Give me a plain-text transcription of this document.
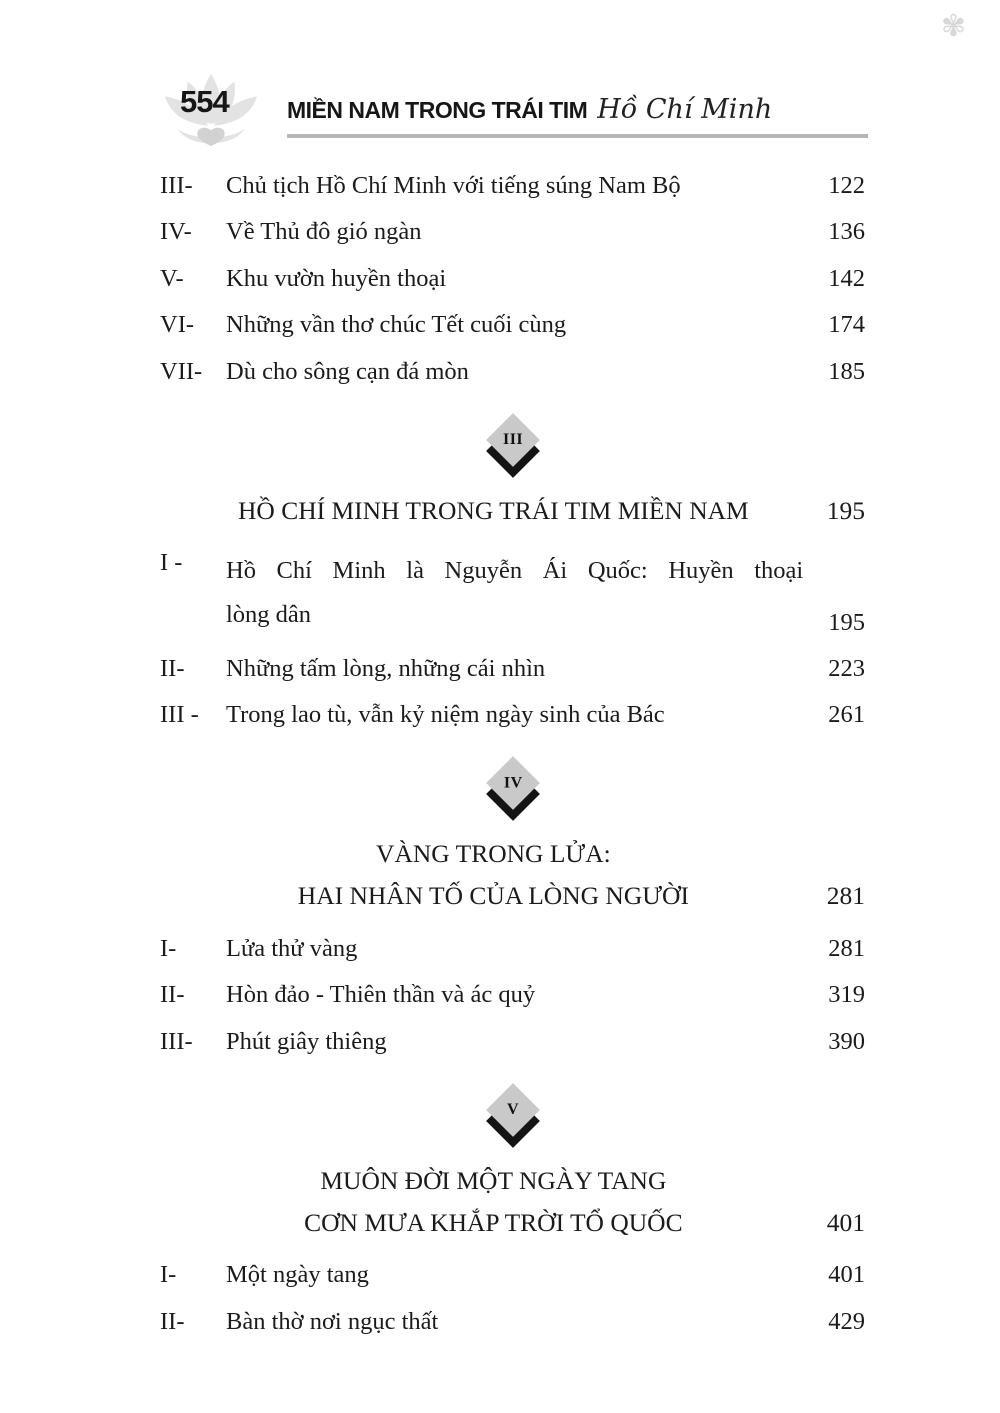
✾
554	MIỀN NAM TRONG TRÁI TIM Hồ Chí Minh
III-	Chủ tịch Hồ Chí Minh với tiếng súng Nam Bộ	122
IV-	Về Thủ đô gió ngàn	136
V-	Khu vườn huyền thoại	142
VI-	Những vần thơ chúc Tết cuối cùng	174
VII- Dù cho sông cạn đá mòn	185
III
HỒ CHÍ MINH TRONG TRÁI TIM MIỀN NAM	195
I -	Hồ Chí Minh là Nguyễn Ái Quốc: Huyền thoại
lòng dân	195
II-	Những tấm lòng, những cái nhìn	223
III -	Trong lao tù, vẫn kỷ niệm ngày sinh của Bác	261
IV
VÀNG TRONG LỬA:
HAI NHÂN TỐ CỦA LÒNG NGƯỜI	281
I-	Lửa thử vàng	281
II-	Hòn đảo - Thiên thần và ác quỷ	319
III-	Phút giây thiêng	390
V
MUÔN ĐỜI MỘT NGÀY TANG
CƠN MƯA KHẮP TRỜI TỔ QUỐC	401
I-	Một ngày tang	401
II-	Bàn thờ nơi ngục thất	429
